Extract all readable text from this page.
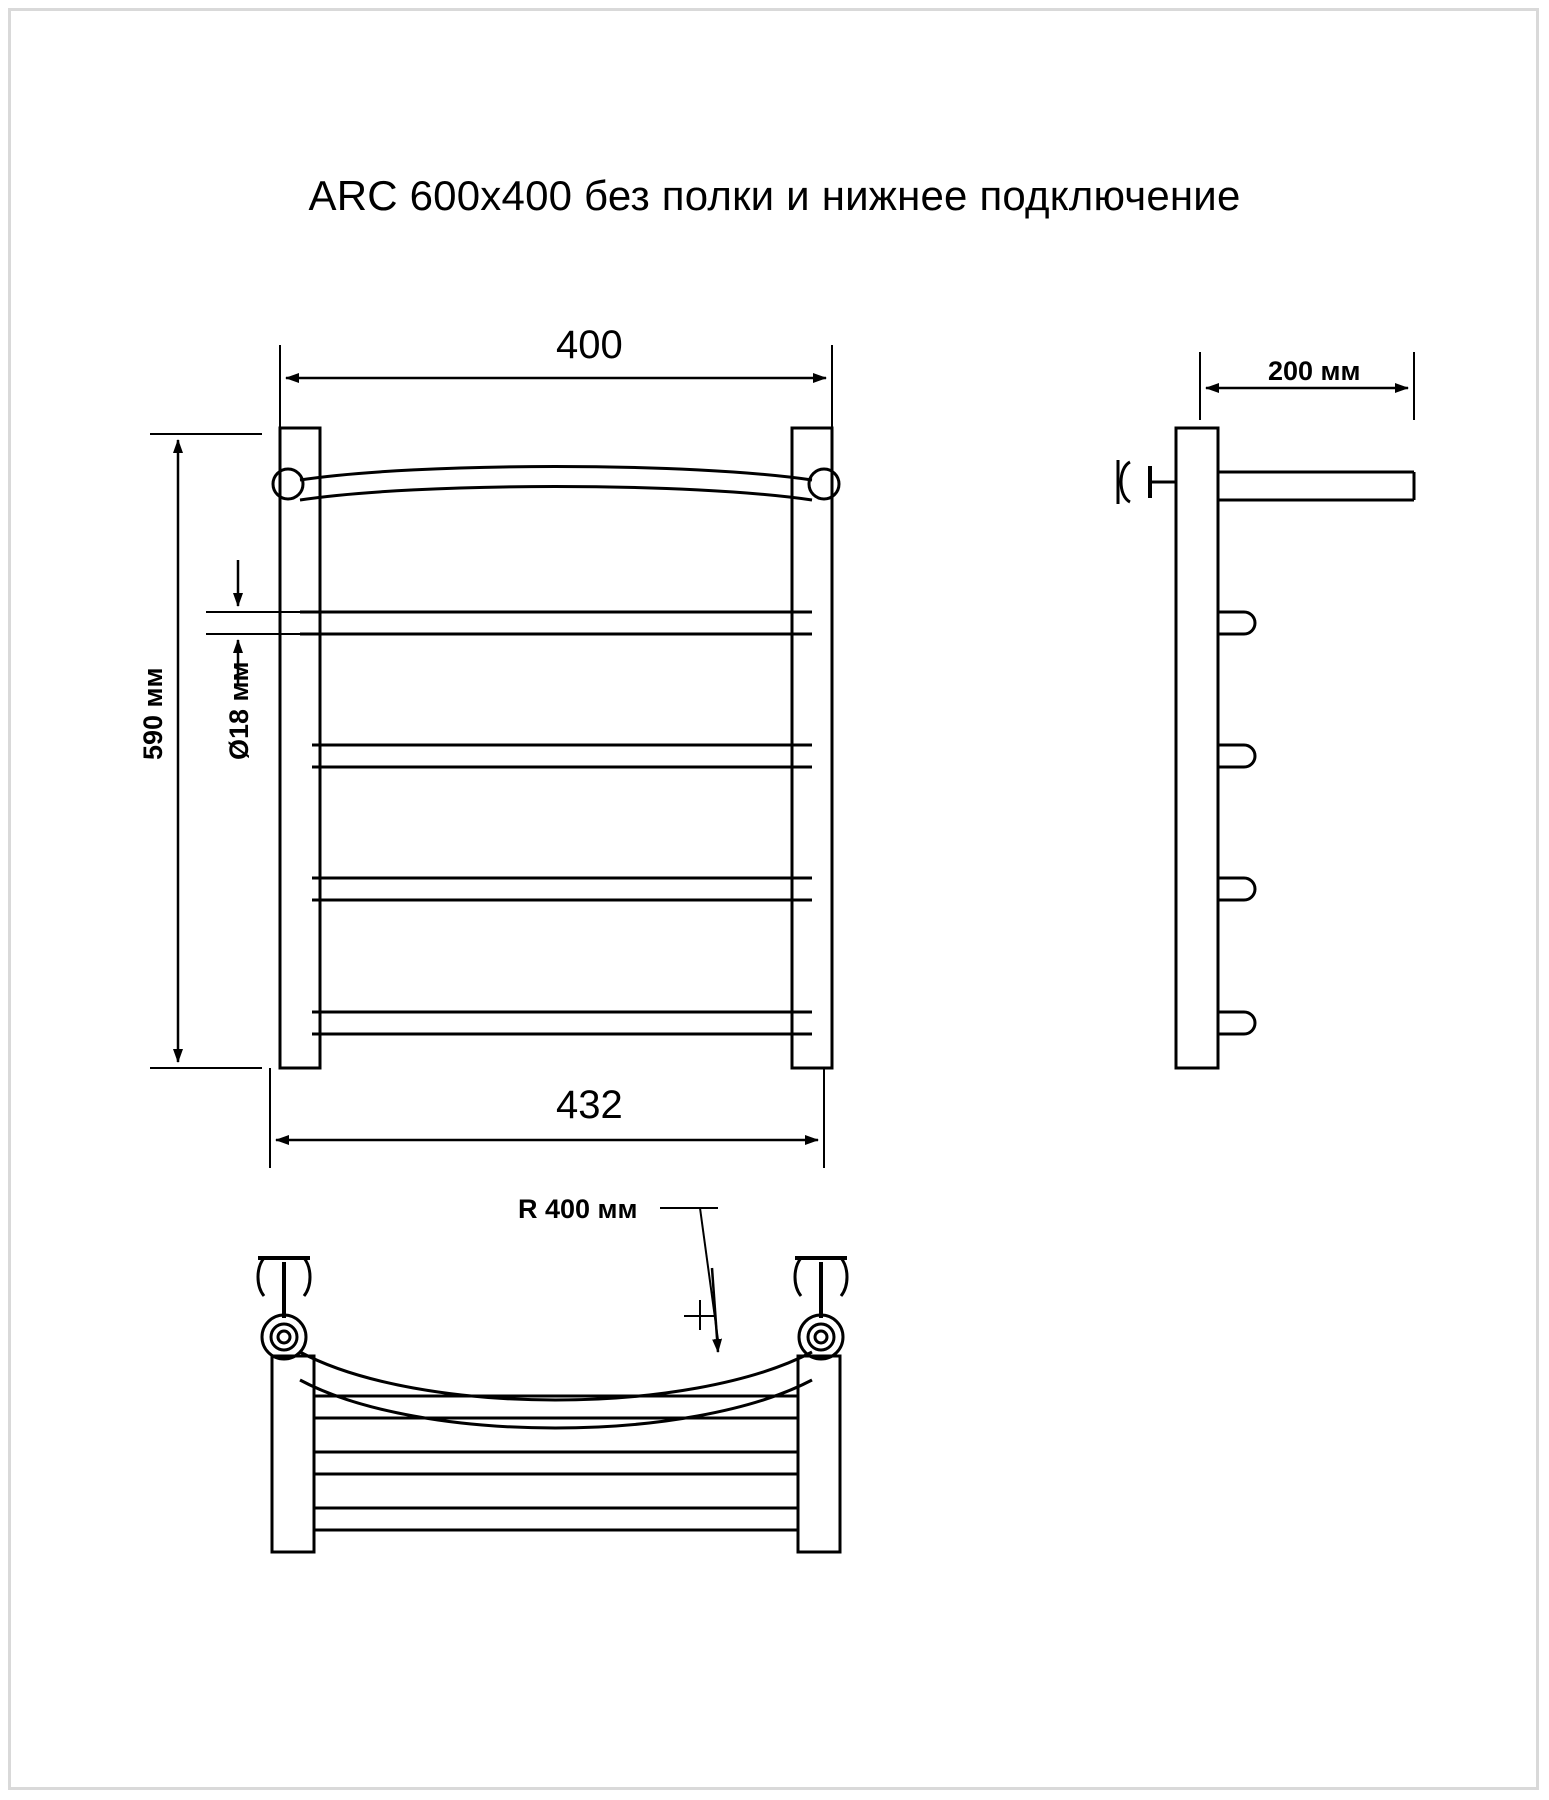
ARC 600x400 без полки и нижнее подключение
400
432
590 мм Ø18 мм
200 мм
R 400 мм
